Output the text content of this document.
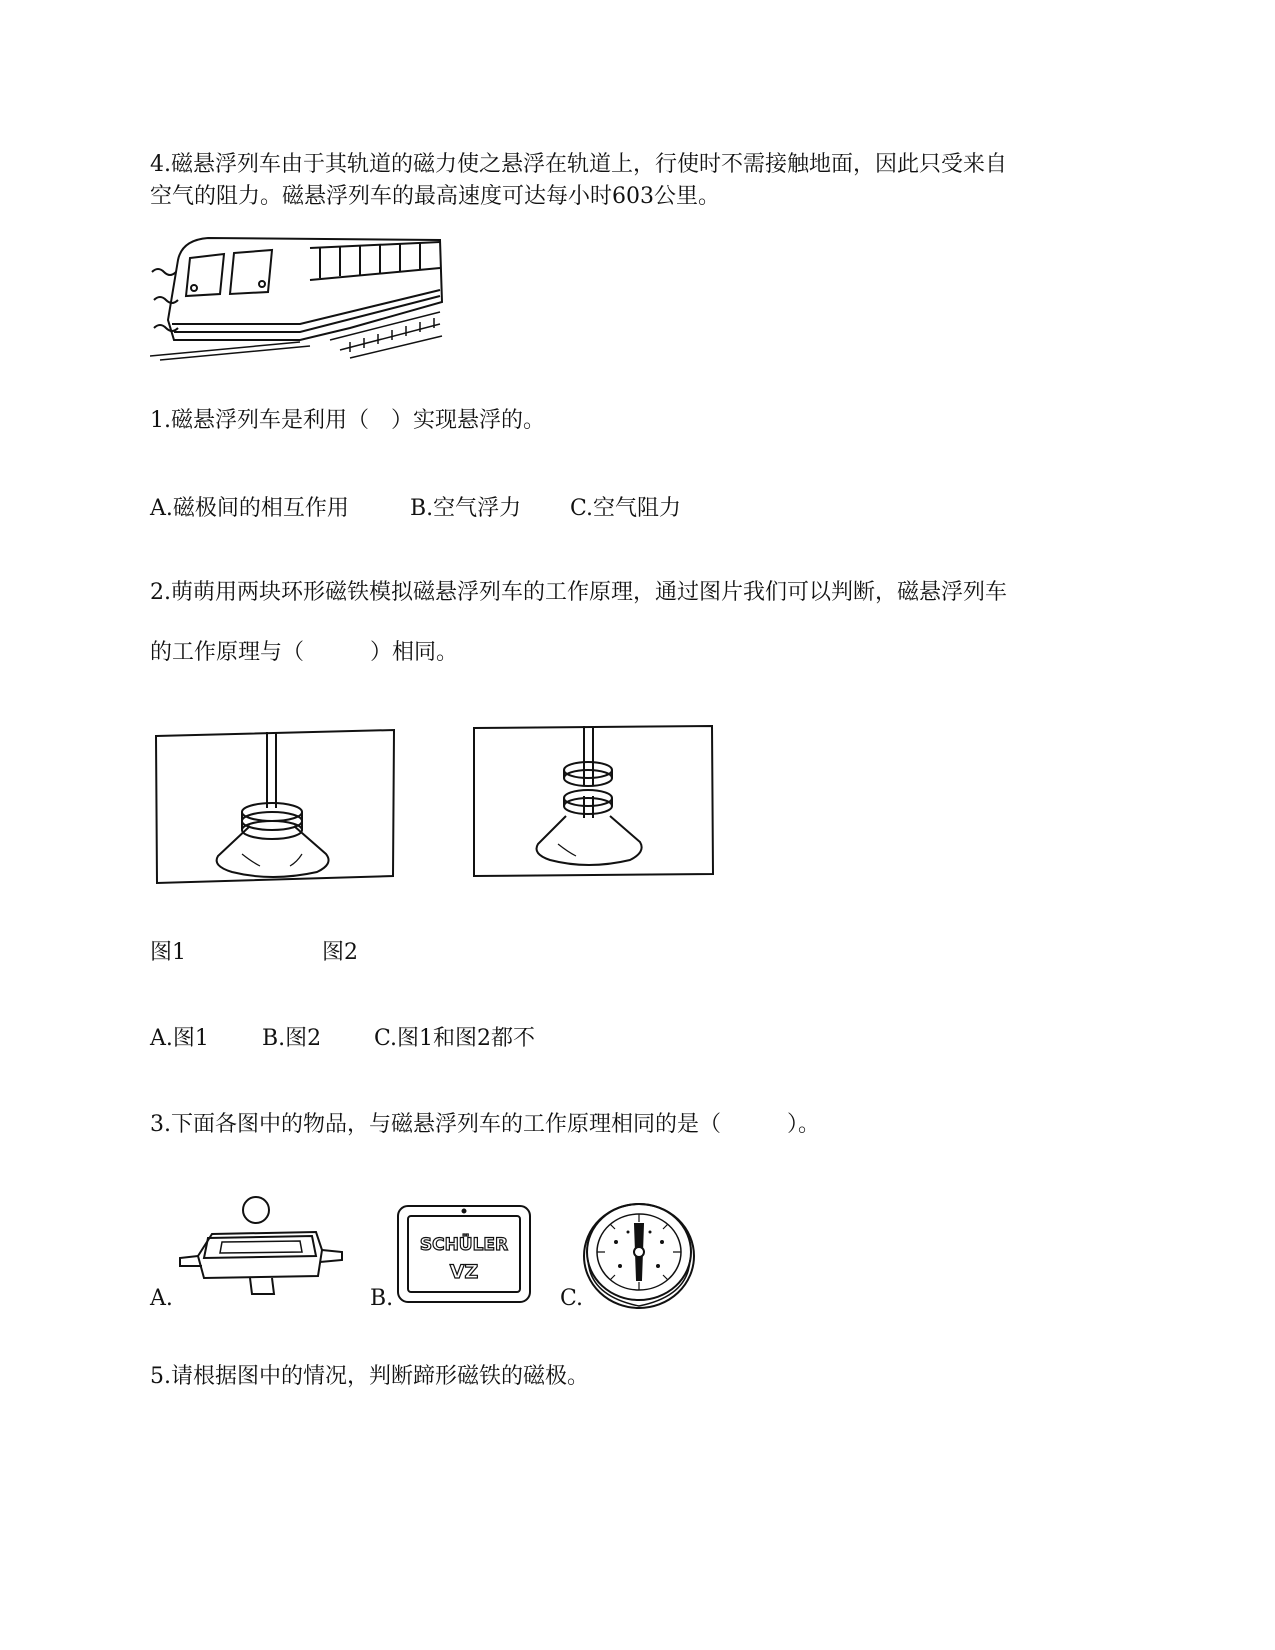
4.磁悬浮列车由于其轨道的磁力使之悬浮在轨道上，行使时不需接触地面，因此只受来自
空气的阻力。磁悬浮列车的最高速度可达每小时603公里。
1.磁悬浮列车是利用（　）实现悬浮的。
A.磁极间的相互作用	B.空气浮力 C.空气阻力
2.萌萌用两块环形磁铁模拟磁悬浮列车的工作原理，通过图片我们可以判断，磁悬浮列车
的工作原理与（　　　）相同。
图1	图2
A.图1 B.图2 C.图1和图2都不
3.下面各图中的物品，与磁悬浮列车的工作原理相同的是（　　　）。
A.
SCHÜLER
VZ
B.	C.
5.请根据图中的情况，判断蹄形磁铁的磁极。
